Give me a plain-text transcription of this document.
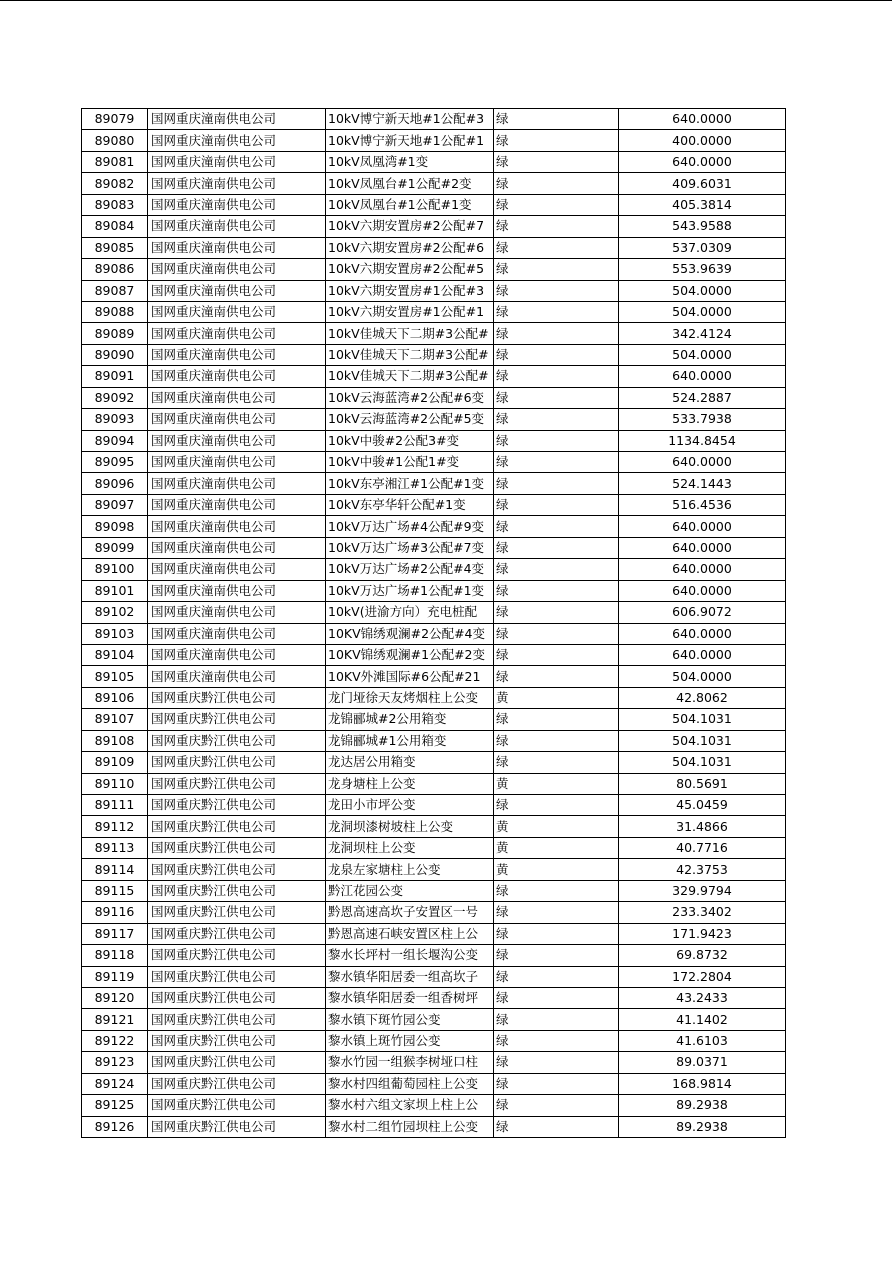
89079	国网重庆潼南供电公司	10kV博宁新天地#1公配#3	绿	640.0000
89080	国网重庆潼南供电公司	10kV博宁新天地#1公配#1	绿	400.0000
89081	国网重庆潼南供电公司	10kV凤凰湾#1变	绿	640.0000
89082	国网重庆潼南供电公司	10kV凤凰台#1公配#2变	绿	409.6031
89083	国网重庆潼南供电公司	10kV凤凰台#1公配#1变	绿	405.3814
89084	国网重庆潼南供电公司	10kV六期安置房#2公配#7	绿	543.9588
89085	国网重庆潼南供电公司	10kV六期安置房#2公配#6	绿	537.0309
89086	国网重庆潼南供电公司	10kV六期安置房#2公配#5	绿	553.9639
89087	国网重庆潼南供电公司	10kV六期安置房#1公配#3	绿	504.0000
89088	国网重庆潼南供电公司	10kV六期安置房#1公配#1	绿	504.0000
89089	国网重庆潼南供电公司	10kV佳城天下二期#3公配#	绿	342.4124
89090	国网重庆潼南供电公司	10kV佳城天下二期#3公配#	绿	504.0000
89091	国网重庆潼南供电公司	10kV佳城天下二期#3公配#	绿	640.0000
89092	国网重庆潼南供电公司	10kV云海蓝湾#2公配#6变	绿	524.2887
89093	国网重庆潼南供电公司	10kV云海蓝湾#2公配#5变	绿	533.7938
89094	国网重庆潼南供电公司	10kV中骏#2公配3#变	绿	1134.8454
89095	国网重庆潼南供电公司	10kV中骏#1公配1#变	绿	640.0000
89096	国网重庆潼南供电公司	10kV东亭湘江#1公配#1变	绿	524.1443
89097	国网重庆潼南供电公司	10kV东亭华轩公配#1变	绿	516.4536
89098	国网重庆潼南供电公司	10kV万达广场#4公配#9变	绿	640.0000
89099	国网重庆潼南供电公司	10kV万达广场#3公配#7变	绿	640.0000
89100	国网重庆潼南供电公司	10kV万达广场#2公配#4变	绿	640.0000
89101	国网重庆潼南供电公司	10kV万达广场#1公配#1变	绿	640.0000
89102	国网重庆潼南供电公司	10kV(进渝方向）充电桩配	绿	606.9072
89103	国网重庆潼南供电公司	10KV锦绣观澜#2公配#4变	绿	640.0000
89104	国网重庆潼南供电公司	10KV锦绣观澜#1公配#2变	绿	640.0000
89105	国网重庆潼南供电公司	10KV外滩国际#6公配#21	绿	504.0000
89106	国网重庆黔江供电公司	龙门垭徐天友烤烟柱上公变	黄	42.8062
89107	国网重庆黔江供电公司	龙锦郦城#2公用箱变	绿	504.1031
89108	国网重庆黔江供电公司	龙锦郦城#1公用箱变	绿	504.1031
89109	国网重庆黔江供电公司	龙达居公用箱变	绿	504.1031
89110	国网重庆黔江供电公司	龙身塘柱上公变	黄	80.5691
89111	国网重庆黔江供电公司	龙田小市坪公变	绿	45.0459
89112	国网重庆黔江供电公司	龙洞坝漆树坡柱上公变	黄	31.4866
89113	国网重庆黔江供电公司	龙洞坝柱上公变	黄	40.7716
89114	国网重庆黔江供电公司	龙泉左家塘柱上公变	黄	42.3753
89115	国网重庆黔江供电公司	黔江花园公变	绿	329.9794
89116	国网重庆黔江供电公司	黔恩高速高坎子安置区一号	绿	233.3402
89117	国网重庆黔江供电公司	黔恩高速石峡安置区柱上公	绿	171.9423
89118	国网重庆黔江供电公司	黎水长坪村一组长堰沟公变	绿	69.8732
89119	国网重庆黔江供电公司	黎水镇华阳居委一组高坎子	绿	172.2804
89120	国网重庆黔江供电公司	黎水镇华阳居委一组香树坪	绿	43.2433
89121	国网重庆黔江供电公司	黎水镇下斑竹园公变	绿	41.1402
89122	国网重庆黔江供电公司	黎水镇上斑竹园公变	绿	41.6103
89123	国网重庆黔江供电公司	黎水竹园一组猴李树垭口柱	绿	89.0371
89124	国网重庆黔江供电公司	黎水村四组葡萄园柱上公变	绿	168.9814
89125	国网重庆黔江供电公司	黎水村六组文家坝上柱上公	绿	89.2938
89126	国网重庆黔江供电公司	黎水村二组竹园坝柱上公变	绿	89.2938
